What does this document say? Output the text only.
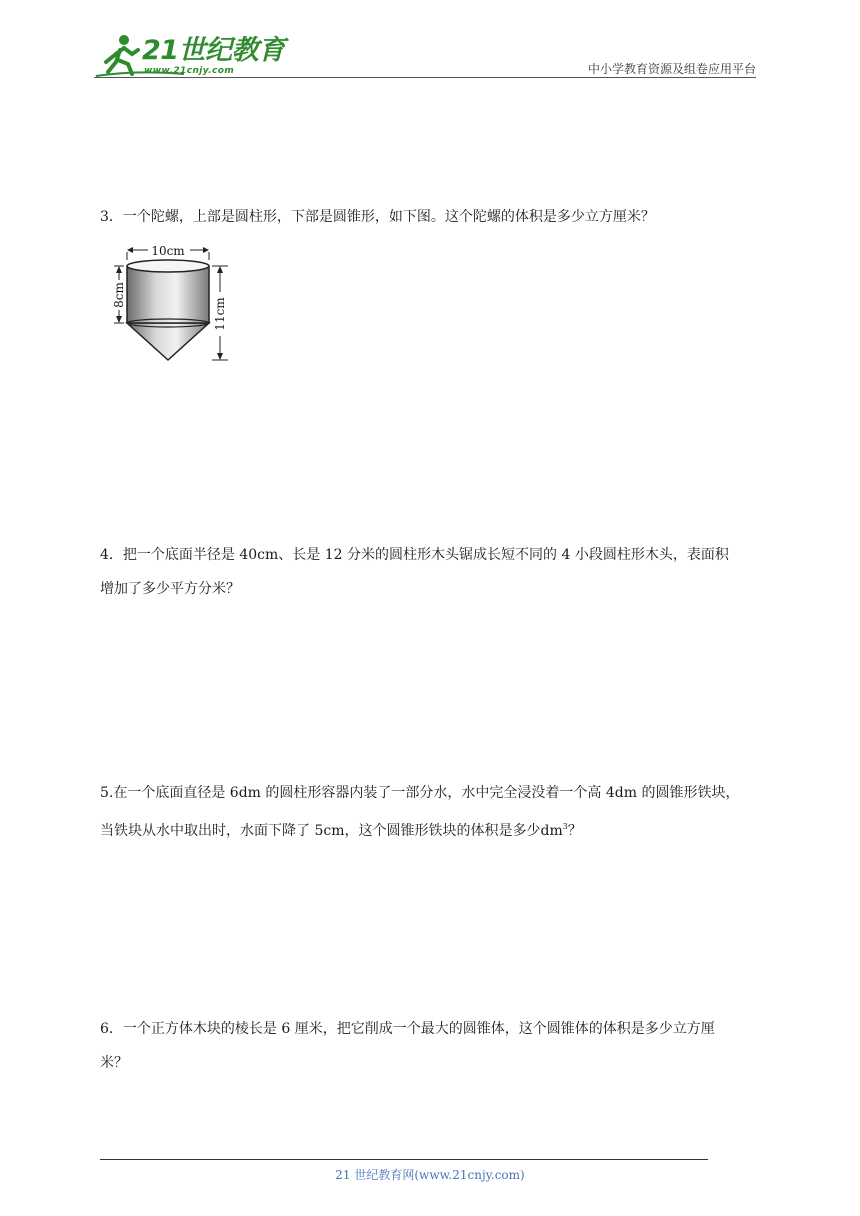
21世纪教育
www.21cnjy.com	中小学教育资源及组卷应用平台

3．一个陀螺，上部是圆柱形，下部是圆锥形，如下图。这个陀螺的体积是多少立方厘米？

10cm
8cm
11cm

4．把一个底面半径是 40cm、长是 12 分米的圆柱形木头锯成长短不同的 4 小段圆柱形木头，表面积

增加了多少平方分米？

5.在一个底面直径是 6dm 的圆柱形容器内装了一部分水，水中完全浸没着一个高 4dm 的圆锥形铁块，

当铁块从水中取出时，水面下降了 5cm，这个圆锥形铁块的体积是多少$dm^3$？

6．一个正方体木块的棱长是 6 厘米，把它削成一个最大的圆锥体，这个圆锥体的体积是多少立方厘

米？

21 世纪教育网(www.21cnjy.com)
